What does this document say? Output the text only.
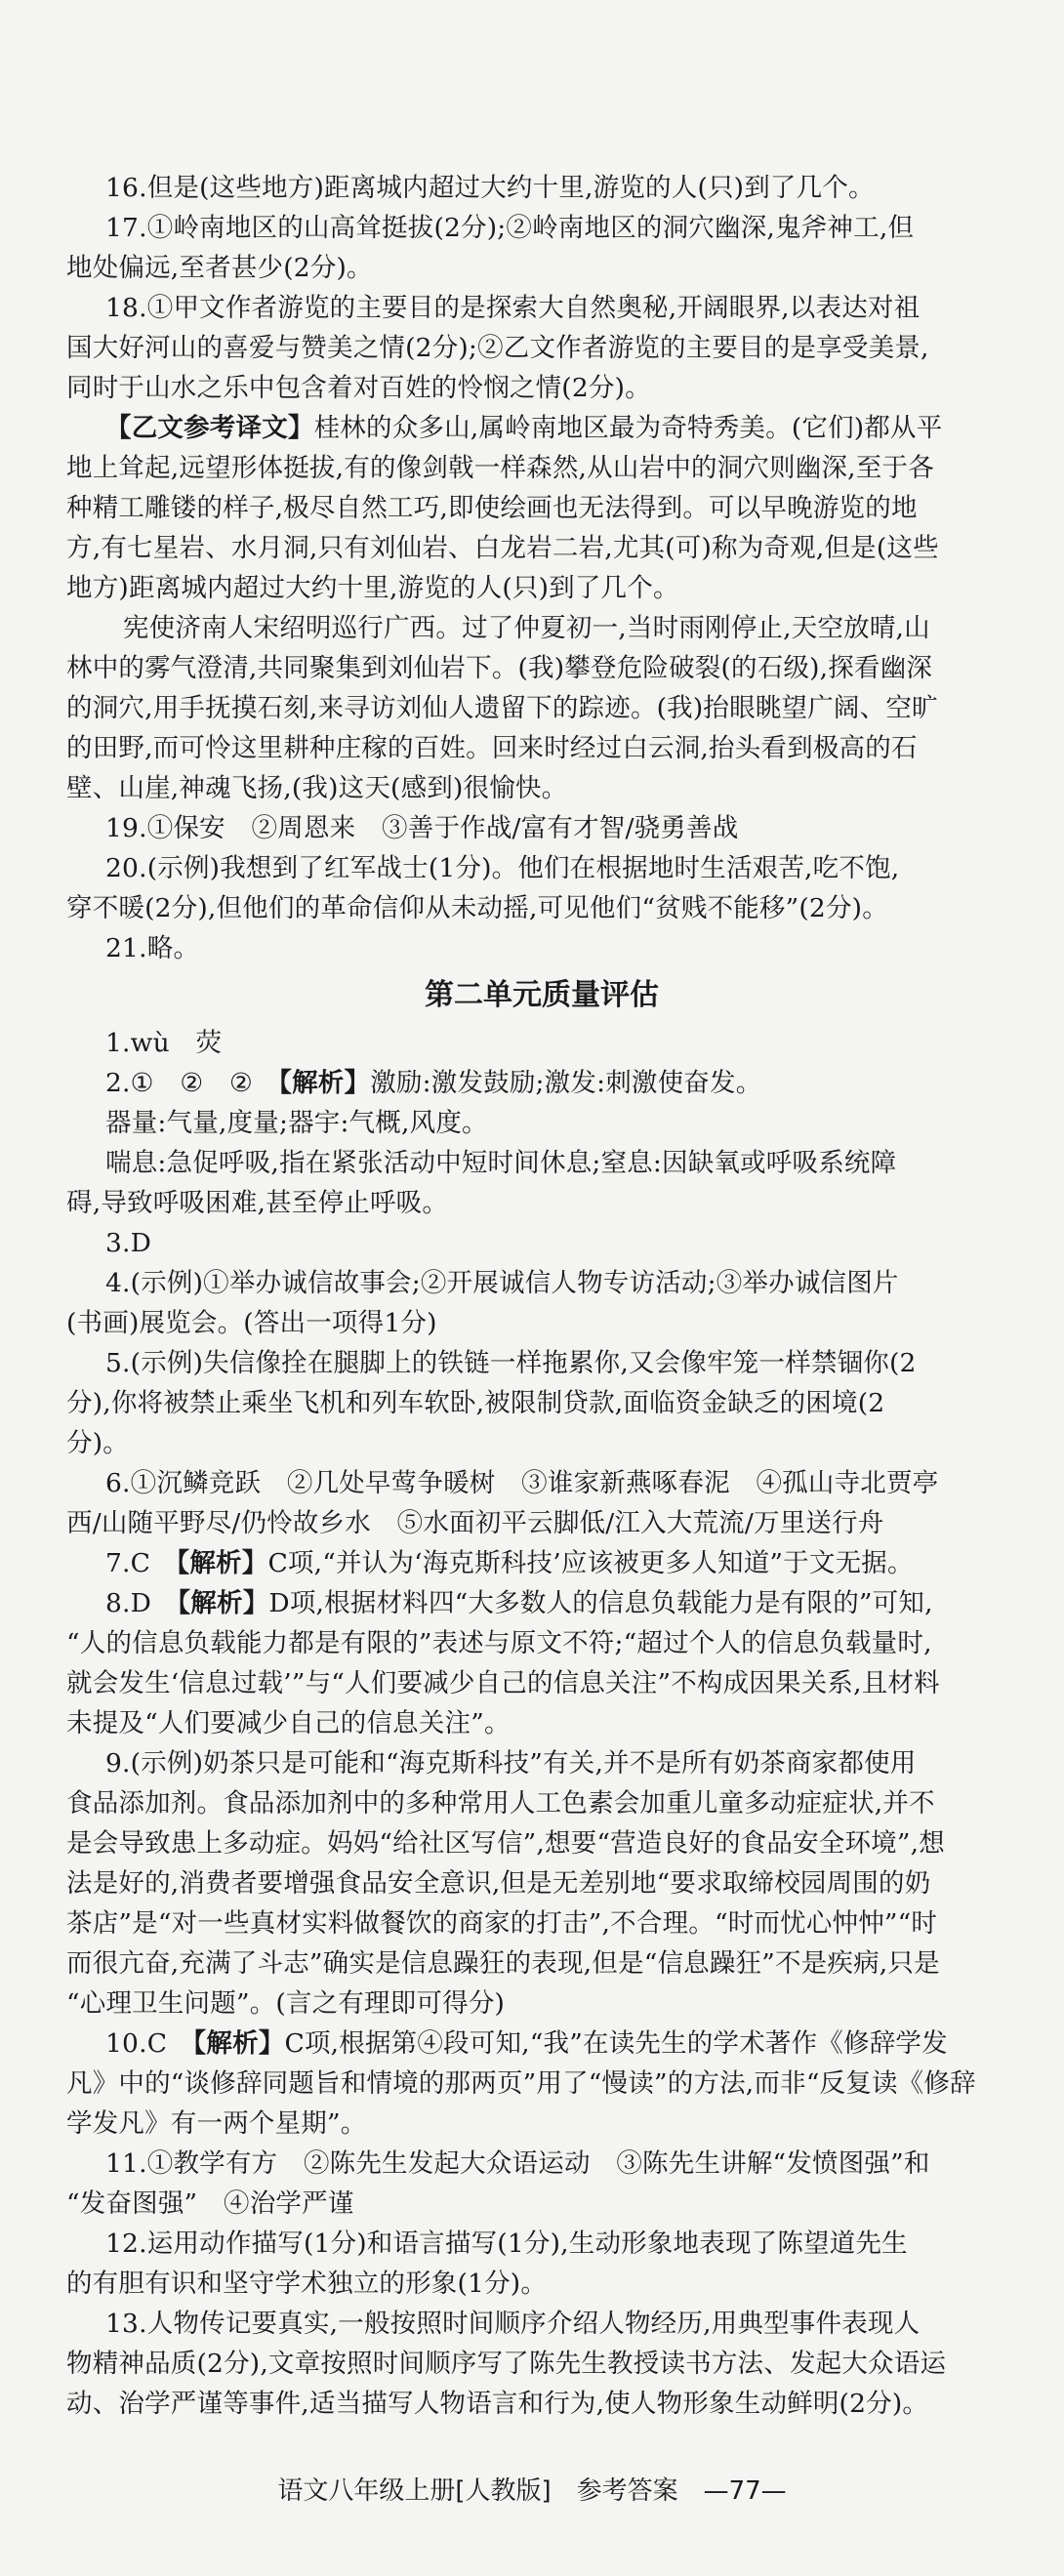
16.但是(这些地方)距离城内超过大约十里,游览的人(只)到了几个。
17.①岭南地区的山高耸挺拔(2分);②岭南地区的洞穴幽深,鬼斧神工,但
地处偏远,至者甚少(2分)。
18.①甲文作者游览的主要目的是探索大自然奥秘,开阔眼界,以表达对祖
国大好河山的喜爱与赞美之情(2分);②乙文作者游览的主要目的是享受美景,
同时于山水之乐中包含着对百姓的怜悯之情(2分)。
【乙文参考译文】桂林的众多山,属岭南地区最为奇特秀美。(它们)都从平
地上耸起,远望形体挺拔,有的像剑戟一样森然,从山岩中的洞穴则幽深,至于各
种精工雕镂的样子,极尽自然工巧,即使绘画也无法得到。可以早晚游览的地
方,有七星岩、水月洞,只有刘仙岩、白龙岩二岩,尤其(可)称为奇观,但是(这些
地方)距离城内超过大约十里,游览的人(只)到了几个。
宪使济南人宋绍明巡行广西。过了仲夏初一,当时雨刚停止,天空放晴,山
林中的雾气澄清,共同聚集到刘仙岩下。(我)攀登危险破裂(的石级),探看幽深
的洞穴,用手抚摸石刻,来寻访刘仙人遗留下的踪迹。(我)抬眼眺望广阔、空旷
的田野,而可怜这里耕种庄稼的百姓。回来时经过白云洞,抬头看到极高的石
壁、山崖,神魂飞扬,(我)这天(感到)很愉快。
19.①保安　②周恩来　③善于作战/富有才智/骁勇善战
20.(示例)我想到了红军战士(1分)。他们在根据地时生活艰苦,吃不饱,
穿不暖(2分),但他们的革命信仰从未动摇,可见他们“贫贱不能移”(2分)。
21.略。
第二单元质量评估
1.wù　荧
2.①　②　②　【解析】激励:激发鼓励;激发:刺激使奋发。
器量:气量,度量;器宇:气概,风度。
喘息:急促呼吸,指在紧张活动中短时间休息;窒息:因缺氧或呼吸系统障
碍,导致呼吸困难,甚至停止呼吸。
3.D
4.(示例)①举办诚信故事会;②开展诚信人物专访活动;③举办诚信图片
(书画)展览会。(答出一项得1分)
5.(示例)失信像拴在腿脚上的铁链一样拖累你,又会像牢笼一样禁锢你(2
分),你将被禁止乘坐飞机和列车软卧,被限制贷款,面临资金缺乏的困境(2
分)。
6.①沉鳞竞跃　②几处早莺争暖树　③谁家新燕啄春泥　④孤山寺北贾亭
西/山随平野尽/仍怜故乡水　⑤水面初平云脚低/江入大荒流/万里送行舟
7.C　【解析】C项,“并认为‘海克斯科技’应该被更多人知道”于文无据。
8.D　【解析】D项,根据材料四“大多数人的信息负载能力是有限的”可知,
“人的信息负载能力都是有限的”表述与原文不符;“超过个人的信息负载量时,
就会发生‘信息过载’”与“人们要减少自己的信息关注”不构成因果关系,且材料
未提及“人们要减少自己的信息关注”。
9.(示例)奶茶只是可能和“海克斯科技”有关,并不是所有奶茶商家都使用
食品添加剂。食品添加剂中的多种常用人工色素会加重儿童多动症症状,并不
是会导致患上多动症。妈妈“给社区写信”,想要“营造良好的食品安全环境”,想
法是好的,消费者要增强食品安全意识,但是无差别地“要求取缔校园周围的奶
茶店”是“对一些真材实料做餐饮的商家的打击”,不合理。“时而忧心忡忡”“时
而很亢奋,充满了斗志”确实是信息躁狂的表现,但是“信息躁狂”不是疾病,只是
“心理卫生问题”。(言之有理即可得分)
10.C　【解析】C项,根据第④段可知,“我”在读先生的学术著作《修辞学发
凡》中的“谈修辞同题旨和情境的那两页”用了“慢读”的方法,而非“反复读《修辞
学发凡》有一两个星期”。
11.①教学有方　②陈先生发起大众语运动　③陈先生讲解“发愤图强”和
“发奋图强”　④治学严谨
12.运用动作描写(1分)和语言描写(1分),生动形象地表现了陈望道先生
的有胆有识和坚守学术独立的形象(1分)。
13.人物传记要真实,一般按照时间顺序介绍人物经历,用典型事件表现人
物精神品质(2分),文章按照时间顺序写了陈先生教授读书方法、发起大众语运
动、治学严谨等事件,适当描写人物语言和行为,使人物形象生动鲜明(2分)。
语文八年级上册[人教版]　参考答案　—77—
